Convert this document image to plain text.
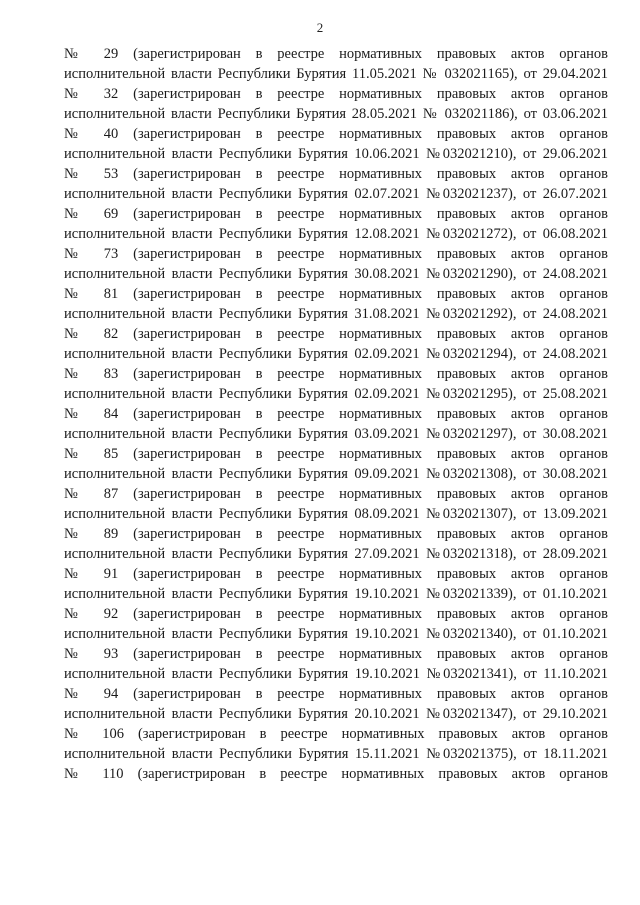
2
№ 29 (зарегистрирован в реестре нормативных правовых актов органов
исполнительной власти Республики Бурятия 11.05.2021 № 032021165), от 29.04.2021
№ 32 (зарегистрирован в реестре нормативных правовых актов органов
исполнительной власти Республики Бурятия 28.05.2021 № 032021186), от 03.06.2021
№ 40 (зарегистрирован в реестре нормативных правовых актов органов
исполнительной власти Республики Бурятия 10.06.2021 №032021210), от 29.06.2021
№ 53 (зарегистрирован в реестре нормативных правовых актов органов
исполнительной власти Республики Бурятия 02.07.2021 №032021237), от 26.07.2021
№ 69 (зарегистрирован в реестре нормативных правовых актов органов
исполнительной власти Республики Бурятия 12.08.2021 №032021272), от 06.08.2021
№ 73 (зарегистрирован в реестре нормативных правовых актов органов
исполнительной власти Республики Бурятия 30.08.2021 №032021290), от 24.08.2021
№ 81 (зарегистрирован в реестре нормативных правовых актов органов
исполнительной власти Республики Бурятия 31.08.2021 №032021292), от 24.08.2021
№ 82 (зарегистрирован в реестре нормативных правовых актов органов
исполнительной власти Республики Бурятия 02.09.2021 №032021294), от 24.08.2021
№ 83 (зарегистрирован в реестре нормативных правовых актов органов
исполнительной власти Республики Бурятия 02.09.2021 №032021295), от 25.08.2021
№ 84 (зарегистрирован в реестре нормативных правовых актов органов
исполнительной власти Республики Бурятия 03.09.2021 №032021297), от 30.08.2021
№ 85 (зарегистрирован в реестре нормативных правовых актов органов
исполнительной власти Республики Бурятия 09.09.2021 №032021308), от 30.08.2021
№ 87 (зарегистрирован в реестре нормативных правовых актов органов
исполнительной власти Республики Бурятия 08.09.2021 №032021307), от 13.09.2021
№ 89 (зарегистрирован в реестре нормативных правовых актов органов
исполнительной власти Республики Бурятия 27.09.2021 №032021318), от 28.09.2021
№ 91 (зарегистрирован в реестре нормативных правовых актов органов
исполнительной власти Республики Бурятия 19.10.2021 №032021339), от 01.10.2021
№ 92 (зарегистрирован в реестре нормативных правовых актов органов
исполнительной власти Республики Бурятия 19.10.2021 №032021340), от 01.10.2021
№ 93 (зарегистрирован в реестре нормативных правовых актов органов
исполнительной власти Республики Бурятия 19.10.2021 №032021341), от 11.10.2021
№ 94 (зарегистрирован в реестре нормативных правовых актов органов
исполнительной власти Республики Бурятия 20.10.2021 №032021347), от 29.10.2021
№ 106 (зарегистрирован в реестре нормативных правовых актов органов
исполнительной власти Республики Бурятия 15.11.2021 №032021375), от 18.11.2021
№ 110 (зарегистрирован в реестре нормативных правовых актов органов
